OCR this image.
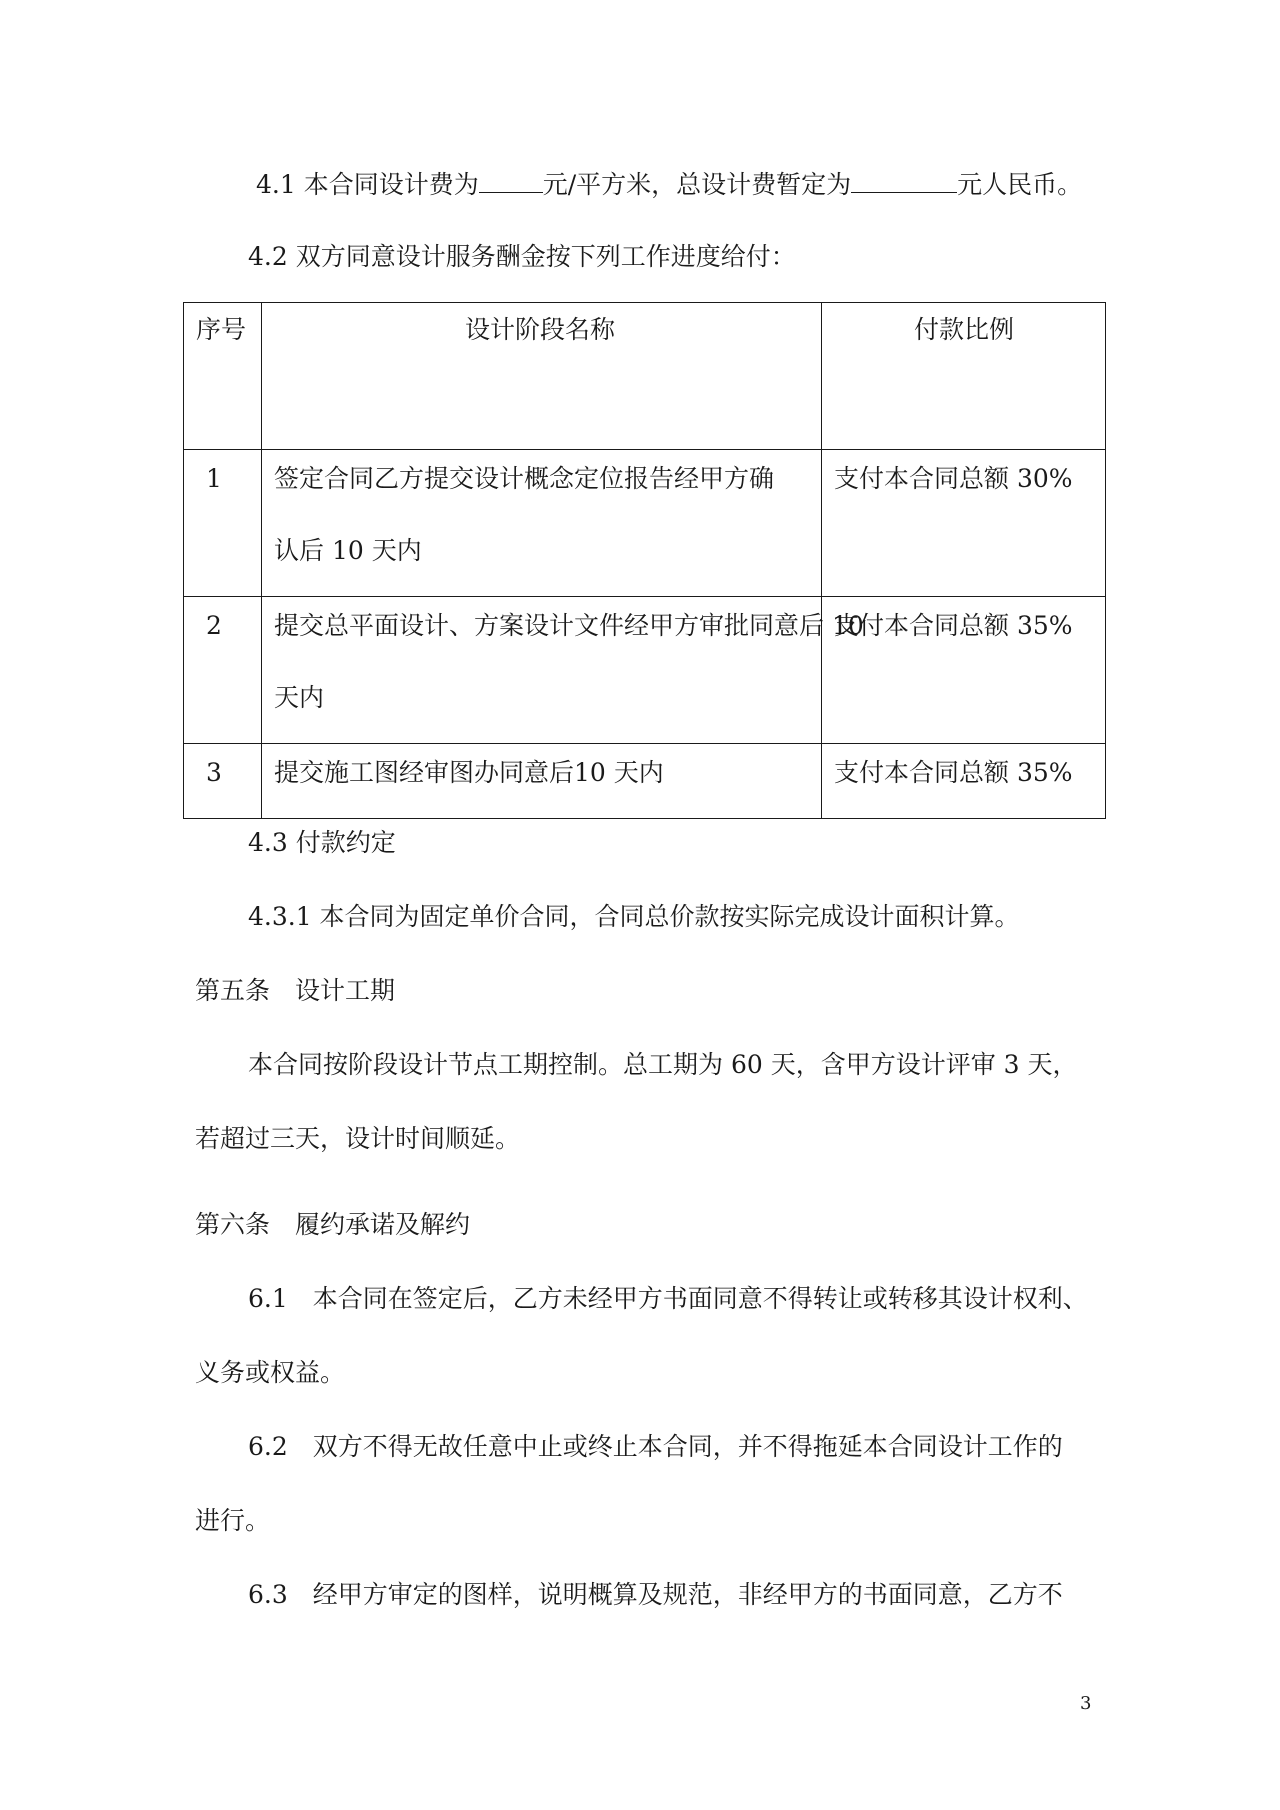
4.1 本合同设计费为	元/平方米，总设计费暂定为	元人民币。
4.2 双方同意设计服务酬金按下列工作进度给付：
序号	设计阶段名称	付款比例

1	签定合同乙方提交设计概念定位报告经甲方确
认后 10 天内	支付本合同总额 30%

2	提交总平面设计、方案设计文件经甲方审批同意后 10
天内	支付本合同总额 35%

3	提交施工图经审图办同意后10 天内	支付本合同总额 35%
4.3 付款约定
4.3.1 本合同为固定单价合同，合同总价款按实际完成设计面积计算。
第五条　设计工期
本合同按阶段设计节点工期控制。总工期为 60 天，含甲方设计评审 3 天，
若超过三天，设计时间顺延。
第六条　履约承诺及解约
6.1　本合同在签定后，乙方未经甲方书面同意不得转让或转移其设计权利、
义务或权益。
6.2　双方不得无故任意中止或终止本合同，并不得拖延本合同设计工作的
进行。
6.3　经甲方审定的图样，说明概算及规范，非经甲方的书面同意，乙方不
3
